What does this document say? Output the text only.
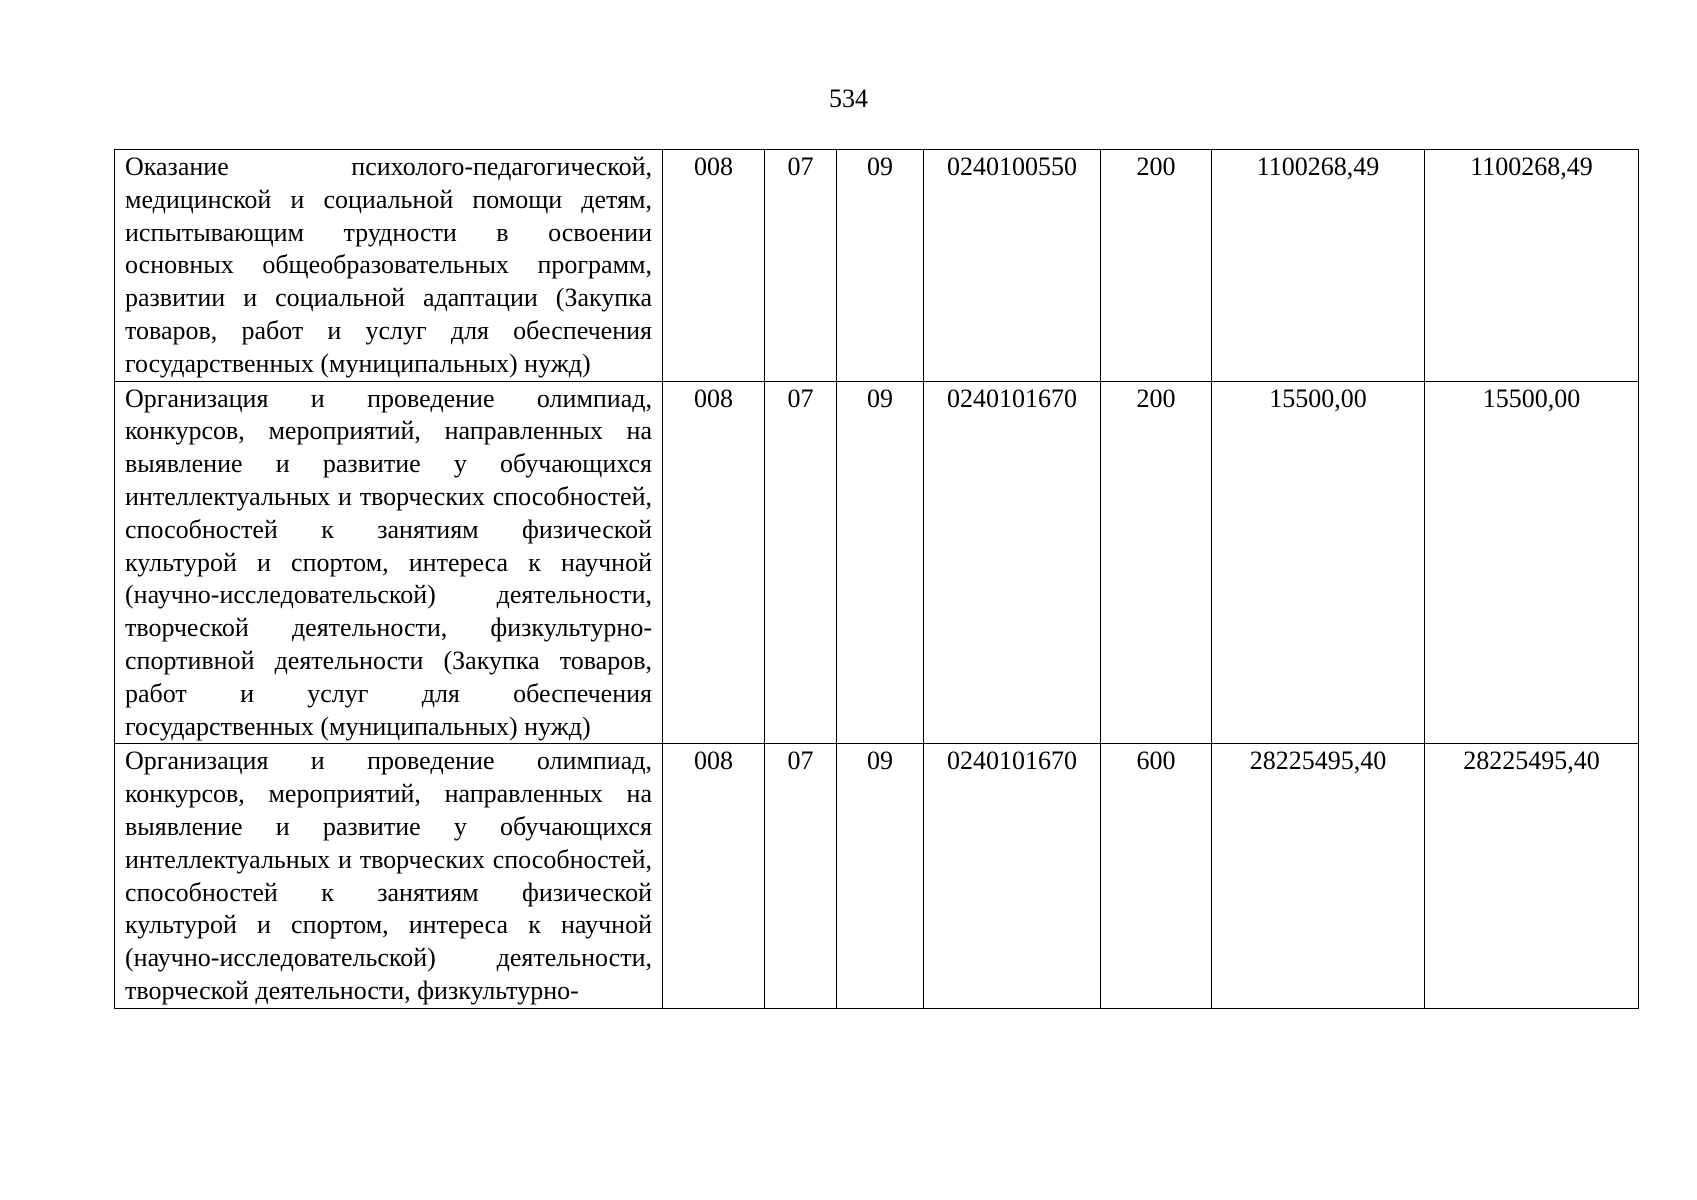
534
Оказание психолого-педагогической, медицинской и социальной помощи детям, испытывающим трудности в освоении основных общеобразовательных программ, развитии и социальной адаптации (Закупка товаров, работ и услуг для обеспечения государственных (муниципальных) нужд)	008	07	09	0240100550	200	1100268,49	1100268,49
Организация и проведение олимпиад, конкурсов, мероприятий, направленных на выявление и развитие у обучающихся интеллектуальных и творческих способностей, способностей к занятиям физической культурой и спортом, интереса к научной (научно-исследовательской) деятельности, творческой деятельности, физкультурно-спортивной деятельности (Закупка товаров, работ и услуг для обеспечения государственных (муниципальных) нужд)	008	07	09	0240101670	200	15500,00	15500,00
Организация и проведение олимпиад, конкурсов, мероприятий, направленных на выявление и развитие у обучающихся интеллектуальных и творческих способностей, способностей к занятиям физической культурой и спортом, интереса к научной (научно-исследовательской) деятельности, творческой деятельности, физкультурно-	008	07	09	0240101670	600	28225495,40	28225495,40
